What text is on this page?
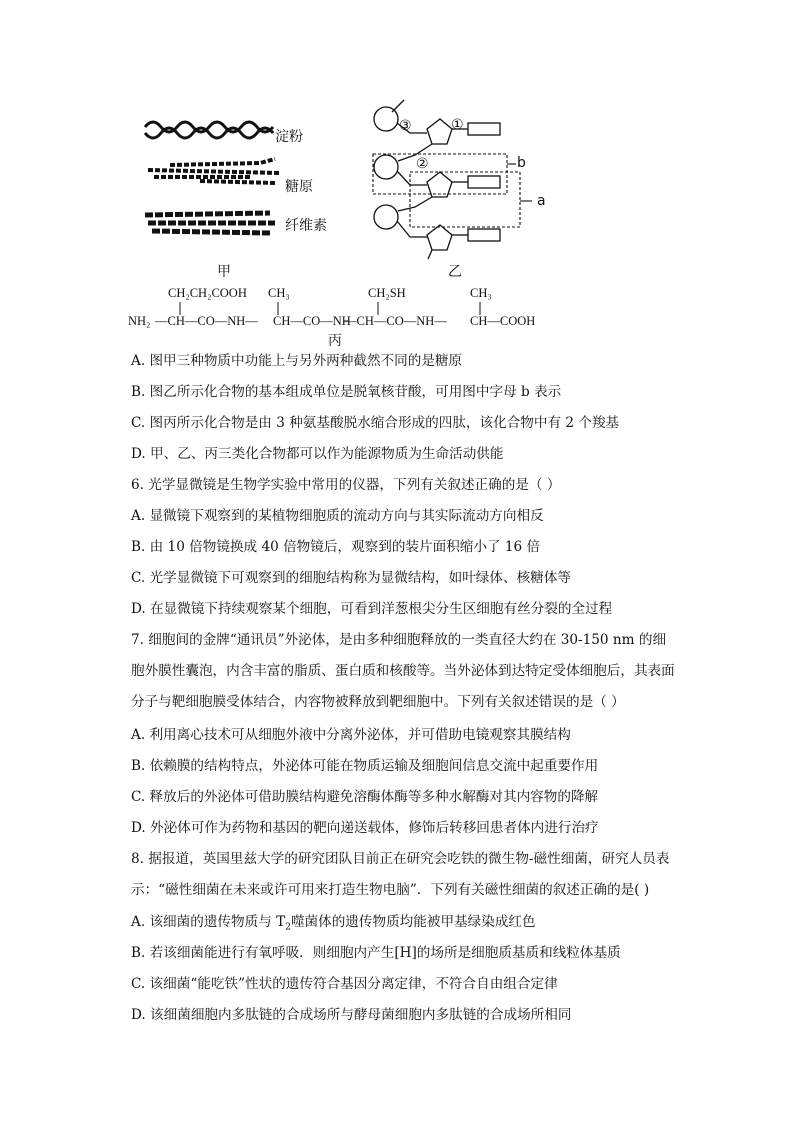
淀粉
糖原
纤维素
甲
③	①
②	b
a
乙
CH₂CH₂COOH CH₃	CH₂SH	CH₃
NH₂ —CH—CO—NH— CH—CO—NH
—CH—CO—NH— CH—COOH
丙
A. 图甲三种物质中功能上与另外两种截然不同的是糖原
B. 图乙所示化合物的基本组成单位是脱氧核苷酸，可用图中字母 b 表示
C. 图丙所示化合物是由 3 种氨基酸脱水缩合形成的四肽，该化合物中有 2 个羧基
D. 甲、乙、丙三类化合物都可以作为能源物质为生命活动供能
6. 光学显微镜是生物学实验中常用的仪器，下列有关叙述正确的是（ ）
A. 显微镜下观察到的某植物细胞质的流动方向与其实际流动方向相反
B. 由 10 倍物镜换成 40 倍物镜后，观察到的装片面积缩小了 16 倍
C. 光学显微镜下可观察到的细胞结构称为显微结构，如叶绿体、核糖体等
D. 在显微镜下持续观察某个细胞，可看到洋葱根尖分生区细胞有丝分裂的全过程
7. 细胞间的金牌“通讯员”外泌体，是由多种细胞释放的一类直径大约在 30-150 nm 的细
胞外膜性囊泡，内含丰富的脂质、蛋白质和核酸等。当外泌体到达特定受体细胞后，其表面
分子与靶细胞膜受体结合，内容物被释放到靶细胞中。下列有关叙述错误的是（ ）
A. 利用离心技术可从细胞外液中分离外泌体，并可借助电镜观察其膜结构
B. 依赖膜的结构特点，外泌体可能在物质运输及细胞间信息交流中起重要作用
C. 释放后的外泌体可借助膜结构避免溶酶体酶等多种水解酶对其内容物的降解
D. 外泌体可作为药物和基因的靶向递送载体，修饰后转移回患者体内进行治疗
8. 据报道，英国里兹大学的研究团队目前正在研究会吃铁的微生物-磁性细菌，研究人员表
示：“磁性细菌在未来或许可用来打造生物电脑”．下列有关磁性细菌的叙述正确的是( )
A. 该细菌的遗传物质与 $T_2$噬菌体的遗传物质均能被甲基绿染成红色
B. 若该细菌能进行有氧呼吸．则细胞内产生[H]的场所是细胞质基质和线粒体基质
C. 该细菌“能吃铁”性状的遗传符合基因分离定律，不符合自由组合定律
D. 该细菌细胞内多肽链的合成场所与酵母菌细胞内多肽链的合成场所相同
